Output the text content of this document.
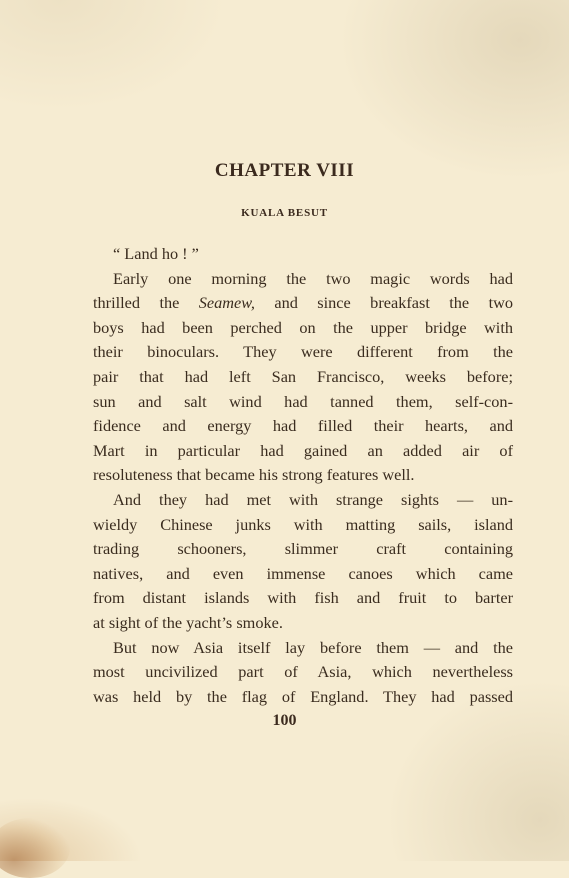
CHAPTER VIII
KUALA BESUT
“ Land ho ! ”
Early one morning the two magic words had
thrilled the Seamew, and since breakfast the two
boys had been perched on the upper bridge with
their binoculars. They were different from the
pair that had left San Francisco, weeks before;
sun and salt wind had tanned them, self-con-
fidence and energy had filled their hearts, and
Mart in particular had gained an added air of
resoluteness that became his strong features well.
And they had met with strange sights — un-
wieldy Chinese junks with matting sails, island
trading schooners, slimmer craft containing
natives, and even immense canoes which came
from distant islands with fish and fruit to barter
at sight of the yacht’s smoke.
But now Asia itself lay before them — and the
most uncivilized part of Asia, which nevertheless
was held by the flag of England. They had passed
100
